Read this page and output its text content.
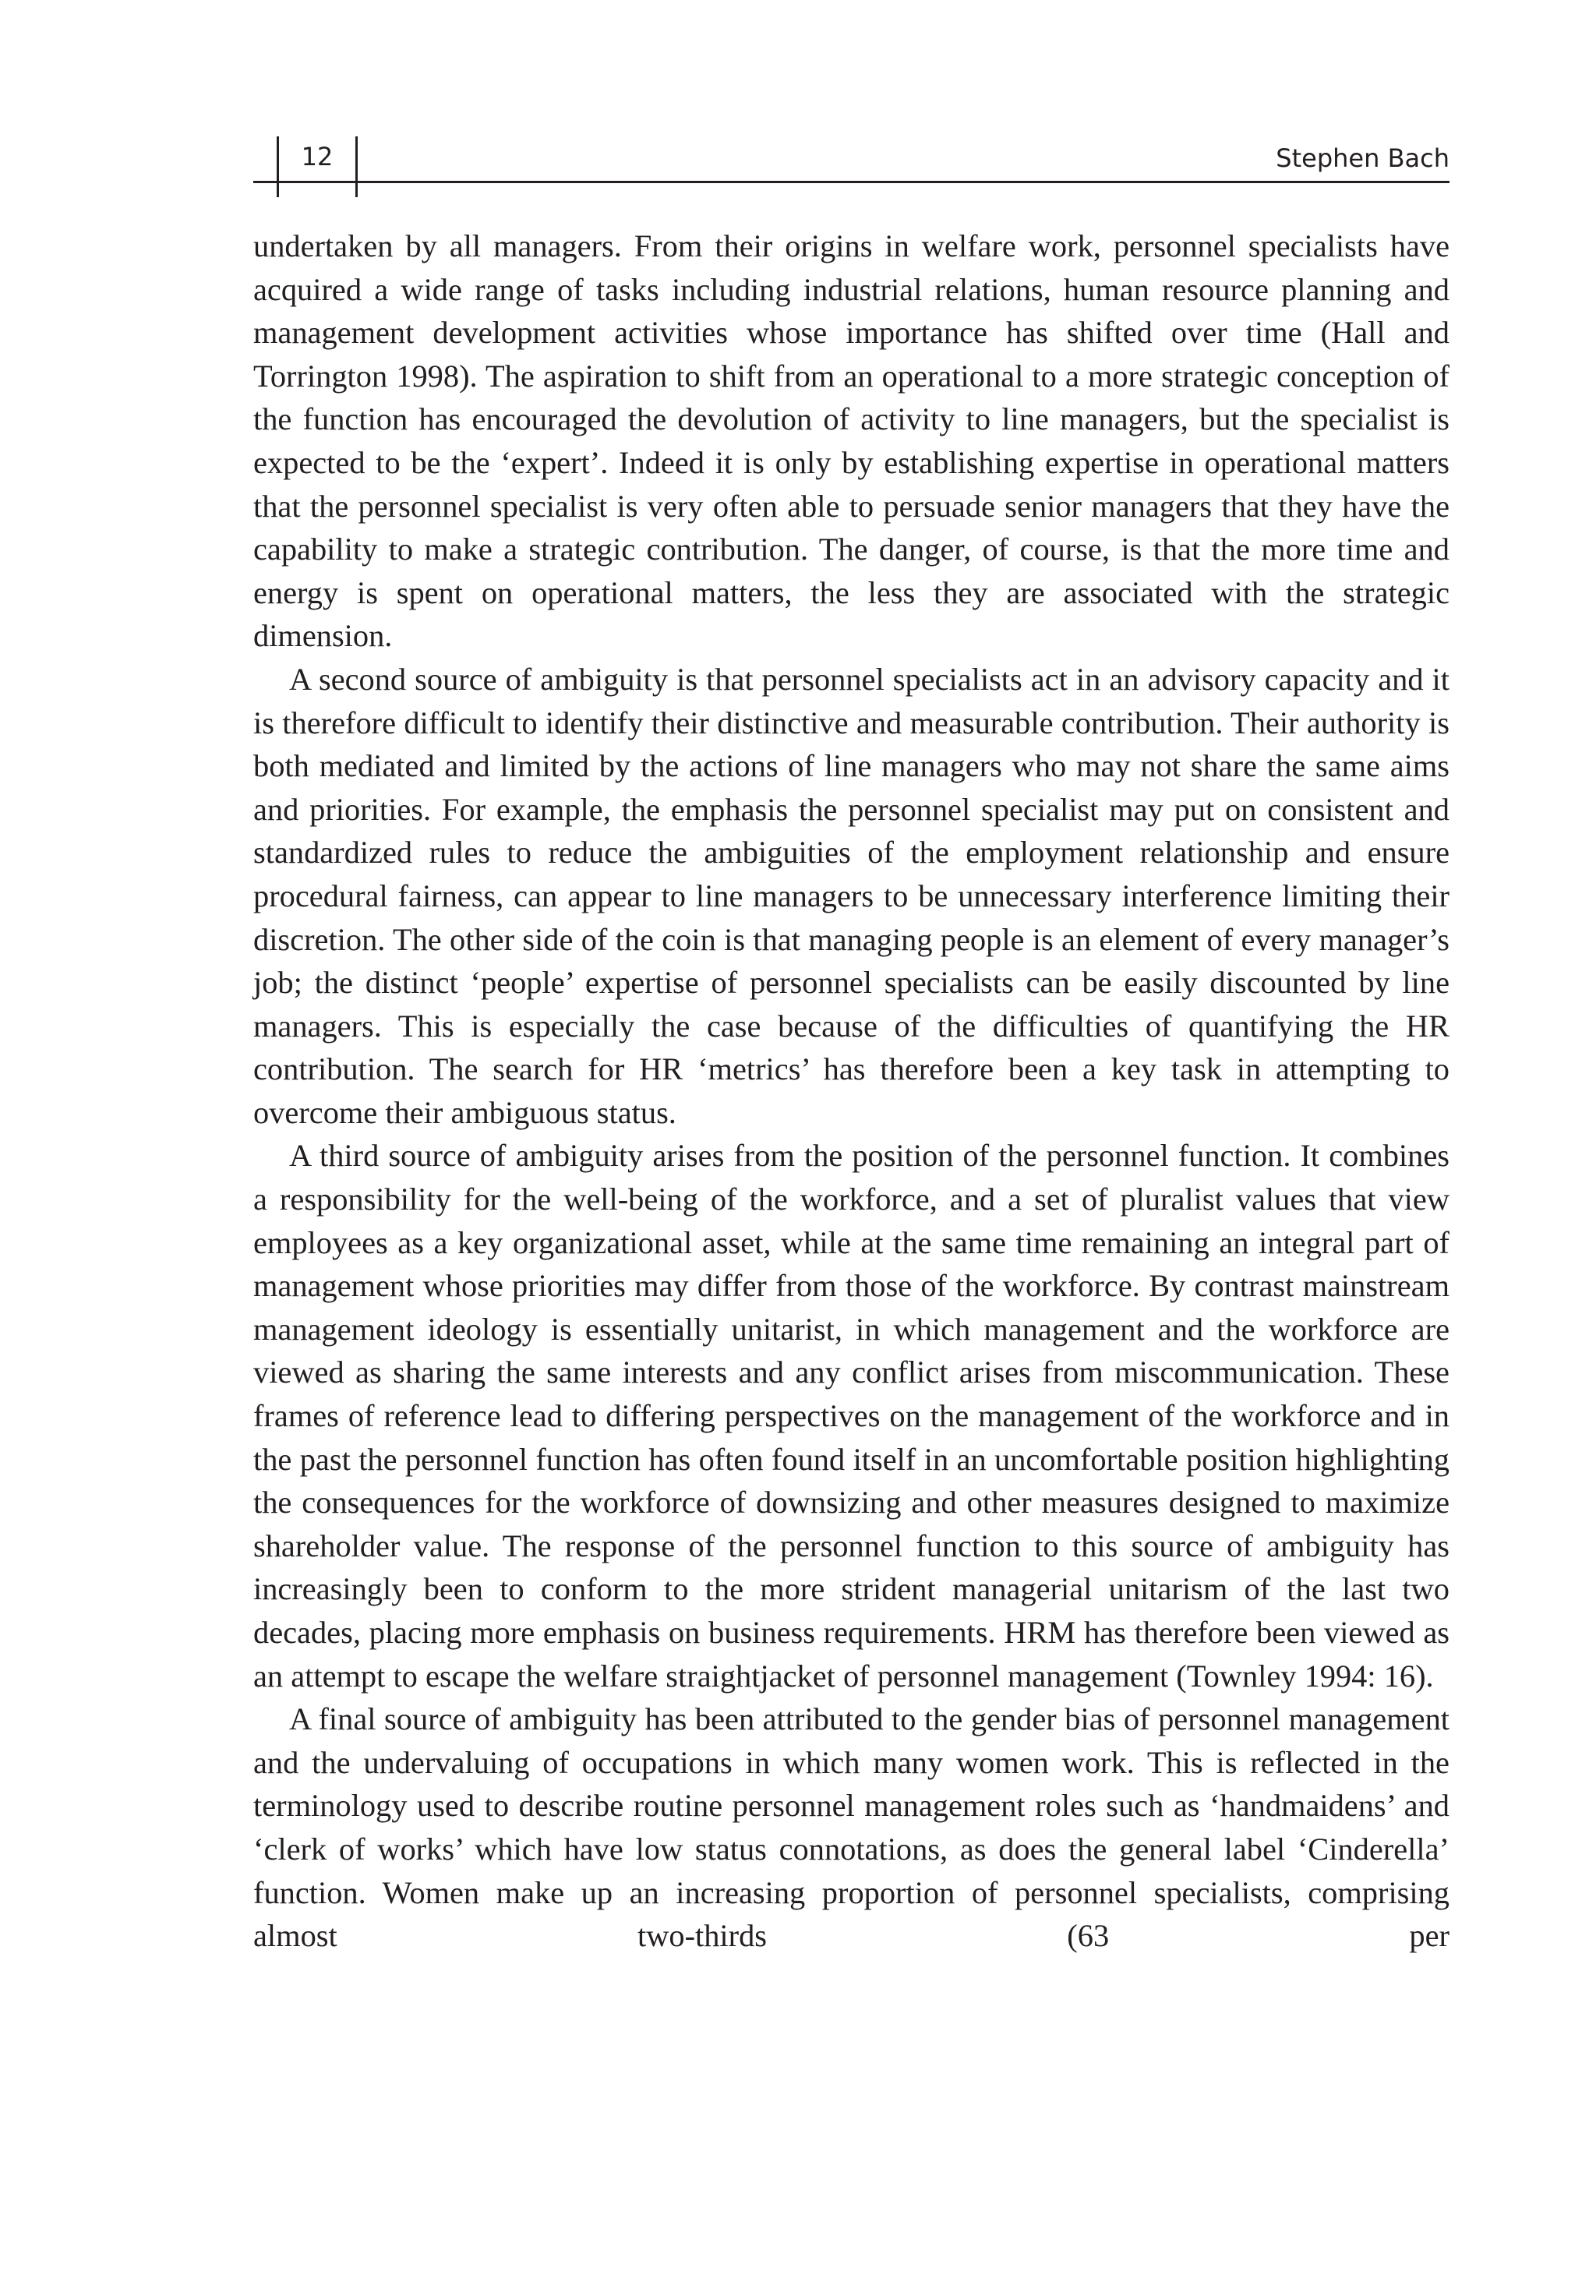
12	Stephen Bach

undertaken by all managers. From their origins in welfare work, personnel specialists have acquired a wide range of tasks including industrial relations, human resource planning and management development activities whose importance has shifted over time (Hall and Torrington 1998). The aspiration to shift from an operational to a more strategic conception of the function has encouraged the devolution of activity to line managers, but the specialist is expected to be the ‘expert’. Indeed it is only by establishing expertise in operational matters that the personnel specialist is very often able to persuade senior managers that they have the capability to make a strategic contribution. The danger, of course, is that the more time and energy is spent on operational matters, the less they are associated with the strategic dimension.

A second source of ambiguity is that personnel specialists act in an advisory capacity and it is therefore difficult to identify their distinctive and measurable contribution. Their authority is both mediated and limited by the actions of line managers who may not share the same aims and priorities. For example, the emphasis the personnel specialist may put on consistent and standardized rules to reduce the ambiguities of the employment relationship and ensure procedural fairness, can appear to line managers to be unnecessary interference limiting their discretion. The other side of the coin is that managing people is an element of every manager’s job; the distinct ‘people’ expertise of personnel specialists can be easily discounted by line managers. This is especially the case because of the difficulties of quantifying the HR contribution. The search for HR ‘metrics’ has therefore been a key task in attempting to overcome their ambiguous status.

A third source of ambiguity arises from the position of the personnel function. It combines a responsibility for the well-being of the workforce, and a set of pluralist values that view employees as a key organizational asset, while at the same time remaining an integral part of management whose priorities may differ from those of the workforce. By contrast mainstream management ideology is essentially unitarist, in which management and the workforce are viewed as sharing the same interests and any conflict arises from miscommunication. These frames of reference lead to differing perspectives on the management of the workforce and in the past the personnel function has often found itself in an uncomfortable position highlighting the consequences for the workforce of downsizing and other measures designed to maximize shareholder value. The response of the personnel function to this source of ambiguity has increasingly been to conform to the more strident managerial unitarism of the last two decades, placing more emphasis on business requirements. HRM has therefore been viewed as an attempt to escape the welfare straightjacket of personnel management (Townley 1994: 16).

A final source of ambiguity has been attributed to the gender bias of personnel management and the undervaluing of occupations in which many women work. This is reflected in the terminology used to describe routine personnel management roles such as ‘handmaidens’ and ‘clerk of works’ which have low status connotations, as does the general label ‘Cinderella’ function. Women make up an increasing proportion of personnel specialists, comprising almost two-thirds (63 per
